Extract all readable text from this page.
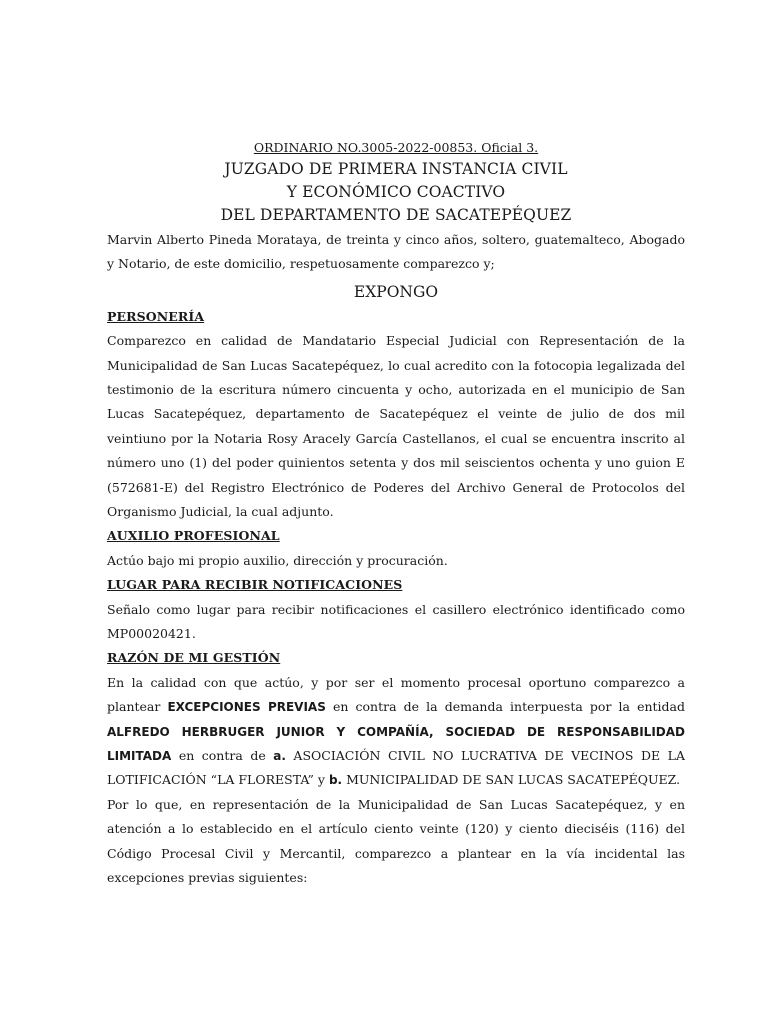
ORDINARIO NO.3005-2022-00853. Oficial 3.

JUZGADO DE PRIMERA INSTANCIA CIVIL

Y ECONÓMICO COACTIVO

DEL DEPARTAMENTO DE SACATEPÉQUEZ

Marvin Alberto Pineda Morataya, de treinta y cinco años, soltero, guatemalteco, Abogado y Notario, de este domicilio, respetuosamente comparezco y;

EXPONGO

PERSONERÍA

Comparezco en calidad de Mandatario Especial Judicial con Representación de la Municipalidad de San Lucas Sacatepéquez, lo cual acredito con la fotocopia legalizada del testimonio de la escritura número cincuenta y ocho, autorizada en el municipio de San Lucas Sacatepéquez, departamento de Sacatepéquez el veinte de julio de dos mil veintiuno por la Notaria Rosy Aracely García Castellanos, el cual se encuentra inscrito al número uno (1) del poder quinientos setenta y dos mil seiscientos ochenta y uno guion E (572681-E) del Registro Electrónico de Poderes del Archivo General de Protocolos del Organismo Judicial, la cual adjunto.

AUXILIO PROFESIONAL

Actúo bajo mi propio auxilio, dirección y procuración.

LUGAR PARA RECIBIR NOTIFICACIONES

Señalo como lugar para recibir notificaciones el casillero electrónico identificado como MP00020421.

RAZÓN DE MI GESTIÓN

En la calidad con que actúo, y por ser el momento procesal oportuno comparezco a plantear EXCEPCIONES PREVIAS en contra de la demanda interpuesta por la entidad ALFREDO HERBRUGER JUNIOR Y COMPAÑÍA, SOCIEDAD DE RESPONSABILIDAD LIMITADA en contra de a. ASOCIACIÓN CIVIL NO LUCRATIVA DE VECINOS DE LA LOTIFICACIÓN “LA FLORESTA” y b. MUNICIPALIDAD DE SAN LUCAS SACATEPÉQUEZ.

Por lo que, en representación de la Municipalidad de San Lucas Sacatepéquez, y en atención a lo establecido en el artículo ciento veinte (120) y ciento dieciséis (116) del Código Procesal Civil y Mercantil, comparezco a plantear en la vía incidental las excepciones previas siguientes:
